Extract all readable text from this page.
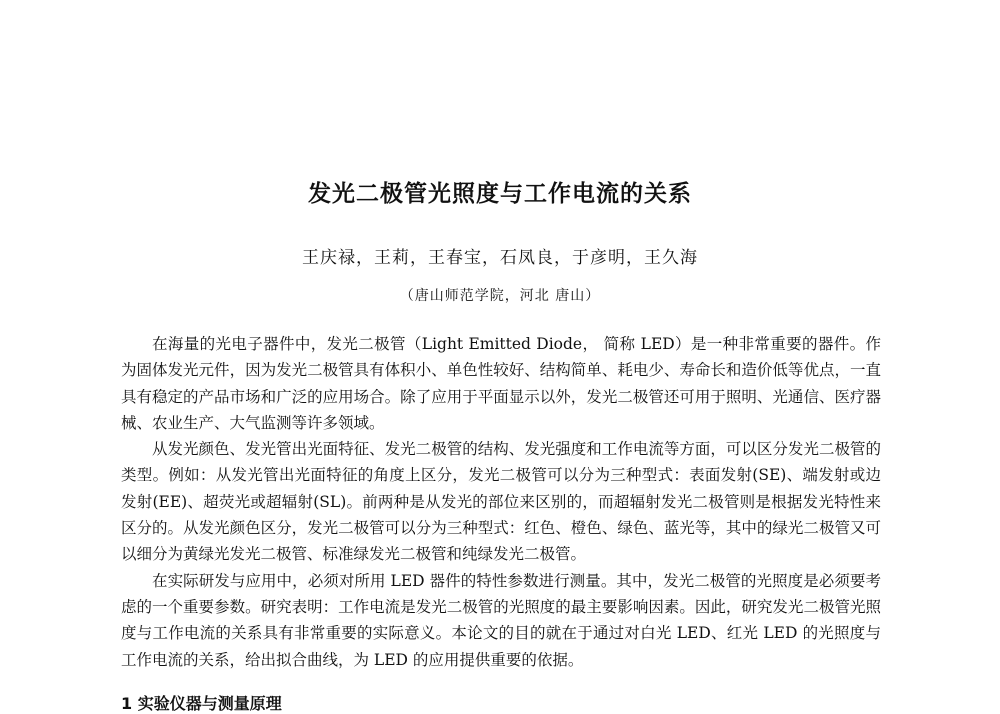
发光二极管光照度与工作电流的关系
王庆禄，王莉，王春宝，石凤良，于彦明，王久海
（唐山师范学院，河北 唐山）

在海量的光电子器件中，发光二极管（Light Emitted Diode， 简称 LED）是一种非常重要的器件。作为固体发光元件，因为发光二极管具有体积小、单色性较好、结构简单、耗电少、寿命长和造价低等优点，一直具有稳定的产品市场和广泛的应用场合。除了应用于平面显示以外，发光二极管还可用于照明、光通信、医疗器械、农业生产、大气监测等许多领域。

从发光颜色、发光管出光面特征、发光二极管的结构、发光强度和工作电流等方面，可以区分发光二极管的类型。例如：从发光管出光面特征的角度上区分，发光二极管可以分为三种型式：表面发射(SE)、端发射或边发射(EE)、超荧光或超辐射(SL)。前两种是从发光的部位来区别的，而超辐射发光二极管则是根据发光特性来区分的。从发光颜色区分，发光二极管可以分为三种型式：红色、橙色、绿色、蓝光等，其中的绿光二极管又可以细分为黄绿光发光二极管、标准绿发光二极管和纯绿发光二极管。

在实际研发与应用中，必须对所用 LED 器件的特性参数进行测量。其中，发光二极管的光照度是必须要考虑的一个重要参数。研究表明：工作电流是发光二极管的光照度的最主要影响因素。因此，研究发光二极管光照度与工作电流的关系具有非常重要的实际意义。本论文的目的就在于通过对白光 LED、红光 LED 的光照度与工作电流的关系，给出拟合曲线，为 LED 的应用提供重要的依据。

1 实验仪器与测量原理
